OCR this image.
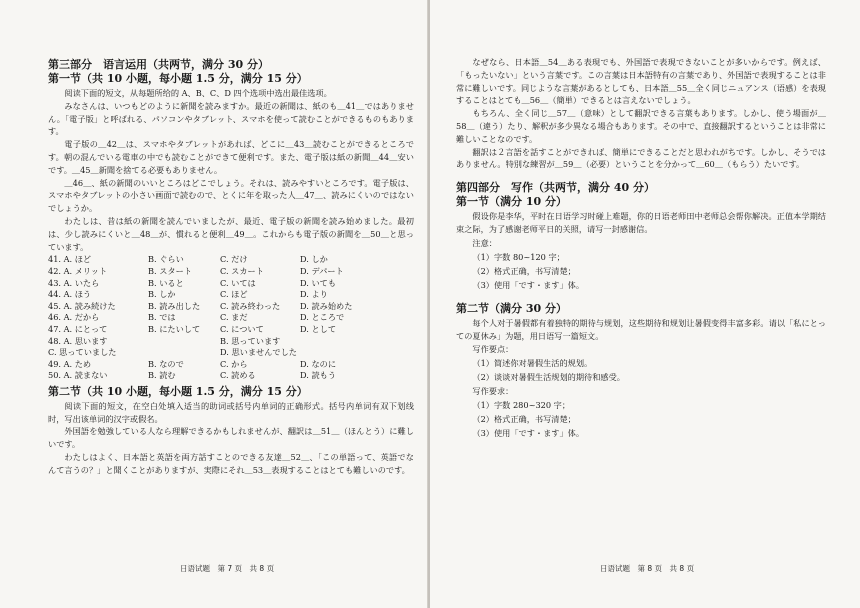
第三部分　语言运用（共两节，满分 30 分）
第一节（共 10 小题，每小题 1.5 分，满分 15 分）

阅读下面的短文，从每题所给的 A、B、C、D 四个选项中选出最佳选项。

みなさんは、いつもどのように新聞を読みますか。最近の新聞は、紙のも＿41＿ではありません。「電子版」と呼ばれる、パソコンやタブレット、スマホを使って読むことができるものもあります。

電子版の＿42＿は、スマホやタブレットがあれば、どこに＿43＿読むことができるところです。朝の混んでいる電車の中でも読むことができて便利です。また、電子版は紙の新聞＿44＿安いです。＿45＿新聞を捨てる必要もありません。

＿46＿、紙の新聞のいいところはどこでしょう。それは、読みやすいところです。電子版は、スマホやタブレットの小さい画面で読むので、とくに年を取った人＿47＿、読みにくいのではないでしょうか。

わたしは、昔は紙の新聞を読んでいましたが、最近、電子版の新聞を読み始めました。最初は、少し読みにくいと＿48＿が、慣れると便利＿49＿。これからも電子版の新聞を＿50＿と思っています。

41. A. ほど	B. ぐらい	C. だけ	D. しか
42. A. メリット	B. スタート	C. スカート	D. デパート
43. A. いたら	B. いると	C. いては	D. いても
44. A. ほう	B. しか	C. ほど	D. より
45. A. 読み続けた	B. 読み出した	C. 読み終わった	D. 読み始めた
46. A. だから	B. では	C. まだ	D. ところで
47. A. にとって	B. にたいして	C. について	D. として
48. A. 思います	B. 思っています
C. 思っていました	D. 思いませんでした
49. A. ため	B. なので	C. から	D. なのに
50. A. 読まない	B. 読む	C. 読める	D. 読もう
第二节（共 10 小题，每小题 1.5 分，满分 15 分）

阅读下面的短文，在空白处填入适当的助词或括号内单词的正确形式。括号内单词有双下划线时，写出该单词的汉字或假名。

外国語を勉強している人なら理解できるかもしれませんが、翻訳は＿51＿（ほんとう）に難しいです。

わたしはよく、日本語と英語を両方話すことのできる友達＿52＿、「この単語って、英語でなんて言うの？」と聞くことがありますが、実際にそれ＿53＿表現することはとても難しいのです。

日语试题　第 7 页　共 8 页

なぜなら、日本語＿54＿ある表現でも、外国語で表現できないことが多いからです。例えば、「もったいない」という言葉です。この言葉は日本語特有の言葉であり、外国語で表現することは非常に難しいです。同じような言葉があるとしても、日本語＿55＿全く同じニュアンス（语感）を表現することはとても＿56＿（簡単）できるとは言えないでしょう。

もちろん、全く同じ＿57＿（意味）として翻訳できる言葉もあります。しかし、使う場面が＿58＿（違う）たり、解釈が多少異なる場合もあります。その中で、直接翻訳するということは非常に難しいことなのです。

翻訳は２言語を話すことができれば、簡単にできることだと思われがちです。しかし、そうではありません。特別な練習が＿59＿（必要）ということを分かって＿60＿（もらう）たいです。

第四部分　写作（共两节，满分 40 分）
第一节（满分 10 分）

假设你是李华，平时在日语学习时碰上难题，你的日语老师田中老师总会帮你解决。正值本学期结束之际，为了感谢老师平日的关照，请写一封感谢信。

注意：

（1）字数 80~120 字；

（2）格式正确，书写清楚；

（3）使用「です・ます」体。

第二节（满分 30 分）

每个人对于暑假都有着独特的期待与规划，这些期待和规划让暑假变得丰富多彩。请以「私にとっての夏休み」为题，用日语写一篇短文。

写作要点：

（1）简述你对暑假生活的规划。

（2）谈谈对暑假生活规划的期待和感受。

写作要求：

（1）字数 280~320 字；

（2）格式正确，书写清楚；

（3）使用「です・ます」体。

日语试题　第 8 页　共 8 页
